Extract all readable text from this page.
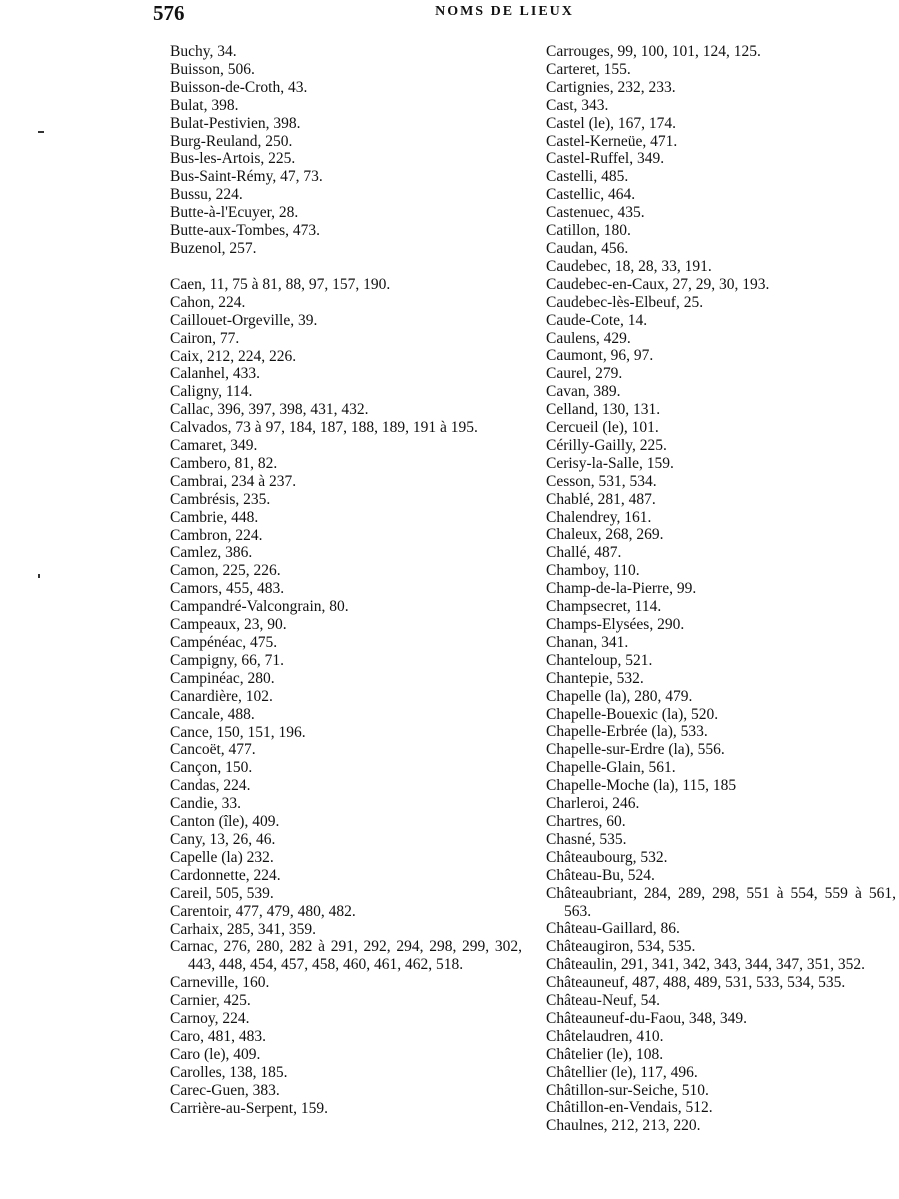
576	NOMS DE LIEUX
Buchy, 34.
Buisson, 506.
Buisson-de-Croth, 43.
Bulat, 398.
Bulat-Pestivien, 398.
Burg-Reuland, 250.
Bus-les-Artois, 225.
Bus-Saint-Rémy, 47, 73.
Bussu, 224.
Butte-à-l'Ecuyer, 28.
Butte-aux-Tombes, 473.
Buzenol, 257.
Caen, 11, 75 à 81, 88, 97, 157, 190.
Cahon, 224.
Caillouet-Orgeville, 39.
Cairon, 77.
Caix, 212, 224, 226.
Calanhel, 433.
Caligny, 114.
Callac, 396, 397, 398, 431, 432.
Calvados, 73 à 97, 184, 187, 188, 189, 191 à 195.
Camaret, 349.
Cambero, 81, 82.
Cambrai, 234 à 237.
Cambrésis, 235.
Cambrie, 448.
Cambron, 224.
Camlez, 386.
Camon, 225, 226.
Camors, 455, 483.
Campandré-Valcongrain, 80.
Campeaux, 23, 90.
Campénéac, 475.
Campigny, 66, 71.
Campinéac, 280.
Canardière, 102.
Cancale, 488.
Cance, 150, 151, 196.
Cancoët, 477.
Cançon, 150.
Candas, 224.
Candie, 33.
Canton (île), 409.
Cany, 13, 26, 46.
Capelle (la) 232.
Cardonnette, 224.
Careil, 505, 539.
Carentoir, 477, 479, 480, 482.
Carhaix, 285, 341, 359.
Carnac, 276, 280, 282 à 291, 292, 294, 298, 299, 302, 443, 448, 454, 457, 458, 460, 461, 462, 518.
Carneville, 160.
Carnier, 425.
Carnoy, 224.
Caro, 481, 483.
Caro (le), 409.
Carolles, 138, 185.
Carec-Guen, 383.
Carrière-au-Serpent, 159.
Carrouges, 99, 100, 101, 124, 125.
Carteret, 155.
Cartignies, 232, 233.
Cast, 343.
Castel (le), 167, 174.
Castel-Kerneüe, 471.
Castel-Ruffel, 349.
Castelli, 485.
Castellic, 464.
Castenuec, 435.
Catillon, 180.
Caudan, 456.
Caudebec, 18, 28, 33, 191.
Caudebec-en-Caux, 27, 29, 30, 193.
Caudebec-lès-Elbeuf, 25.
Caude-Cote, 14.
Caulens, 429.
Caumont, 96, 97.
Caurel, 279.
Cavan, 389.
Celland, 130, 131.
Cercueil (le), 101.
Cérilly-Gailly, 225.
Cerisy-la-Salle, 159.
Cesson, 531, 534.
Chablé, 281, 487.
Chalendrey, 161.
Chaleux, 268, 269.
Challé, 487.
Chamboy, 110.
Champ-de-la-Pierre, 99.
Champsecret, 114.
Champs-Elysées, 290.
Chanan, 341.
Chanteloup, 521.
Chantepie, 532.
Chapelle (la), 280, 479.
Chapelle-Bouexic (la), 520.
Chapelle-Erbrée (la), 533.
Chapelle-sur-Erdre (la), 556.
Chapelle-Glain, 561.
Chapelle-Moche (la), 115, 185
Charleroi, 246.
Chartres, 60.
Chasné, 535.
Châteaubourg, 532.
Château-Bu, 524.
Châteaubriant, 284, 289, 298, 551 à 554, 559 à 561, 563.
Château-Gaillard, 86.
Châteaugiron, 534, 535.
Châteaulin, 291, 341, 342, 343, 344, 347, 351, 352.
Châteauneuf, 487, 488, 489, 531, 533, 534, 535.
Château-Neuf, 54.
Châteauneuf-du-Faou, 348, 349.
Châtelaudren, 410.
Châtelier (le), 108.
Châtellier (le), 117, 496.
Châtillon-sur-Seiche, 510.
Châtillon-en-Vendais, 512.
Chaulnes, 212, 213, 220.
